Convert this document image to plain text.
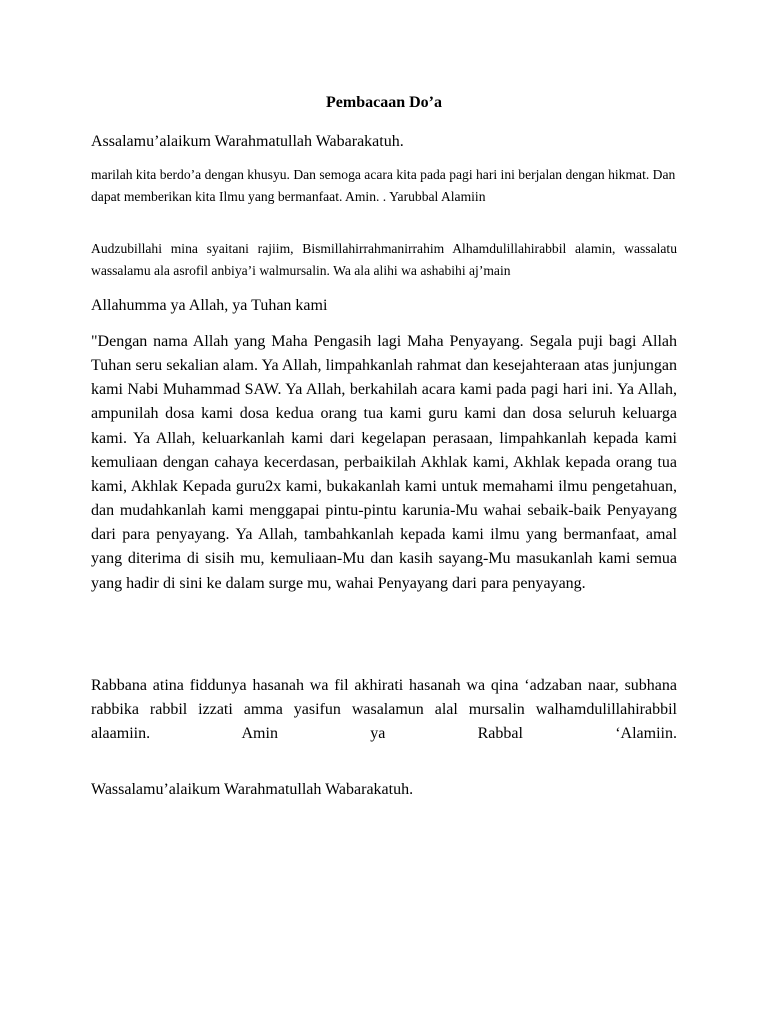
Pembacaan Do’a
Assalamu’alaikum Warahmatullah Wabarakatuh.
marilah kita berdo’a dengan khusyu. Dan semoga acara kita pada pagi hari ini berjalan dengan hikmat. Dan dapat memberikan kita Ilmu yang bermanfaat. Amin. . Yarubbal Alamiin
Audzubillahi mina syaitani rajiim, Bismillahirrahmanirrahim Alhamdulillahirabbil alamin, wassalatu wassalamu ala asrofil anbiya’i walmursalin. Wa ala alihi wa ashabihi aj’main
Allahumma ya Allah, ya Tuhan kami
"Dengan nama Allah yang Maha Pengasih lagi Maha Penyayang. Segala puji bagi Allah Tuhan seru sekalian alam. Ya Allah, limpahkanlah rahmat dan kesejahteraan atas junjungan kami Nabi Muhammad SAW. Ya Allah, berkahilah acara kami pada pagi hari ini. Ya Allah, ampunilah dosa kami dosa kedua orang tua kami guru kami dan dosa seluruh keluarga kami. Ya Allah, keluarkanlah kami dari kegelapan perasaan, limpahkanlah kepada kami kemuliaan dengan cahaya kecerdasan, perbaikilah Akhlak kami, Akhlak kepada orang tua kami, Akhlak Kepada guru2x kami, bukakanlah kami untuk memahami ilmu pengetahuan, dan mudahkanlah kami menggapai pintu-pintu karunia-Mu wahai sebaik-baik Penyayang dari para penyayang. Ya Allah, tambahkanlah kepada kami ilmu yang bermanfaat, amal yang diterima di sisih mu, kemuliaan-Mu dan kasih sayang-Mu masukanlah kami semua yang hadir di sini ke dalam surge mu, wahai Penyayang dari para penyayang.
Rabbana atina fiddunya hasanah wa fil akhirati hasanah wa qina ‘adzaban naar, subhana rabbika rabbil izzati amma yasifun wasalamun alal mursalin walhamdulillahirabbil alaamiin. Amin ya Rabbal ‘Alamiin.
Wassalamu’alaikum Warahmatullah Wabarakatuh.
